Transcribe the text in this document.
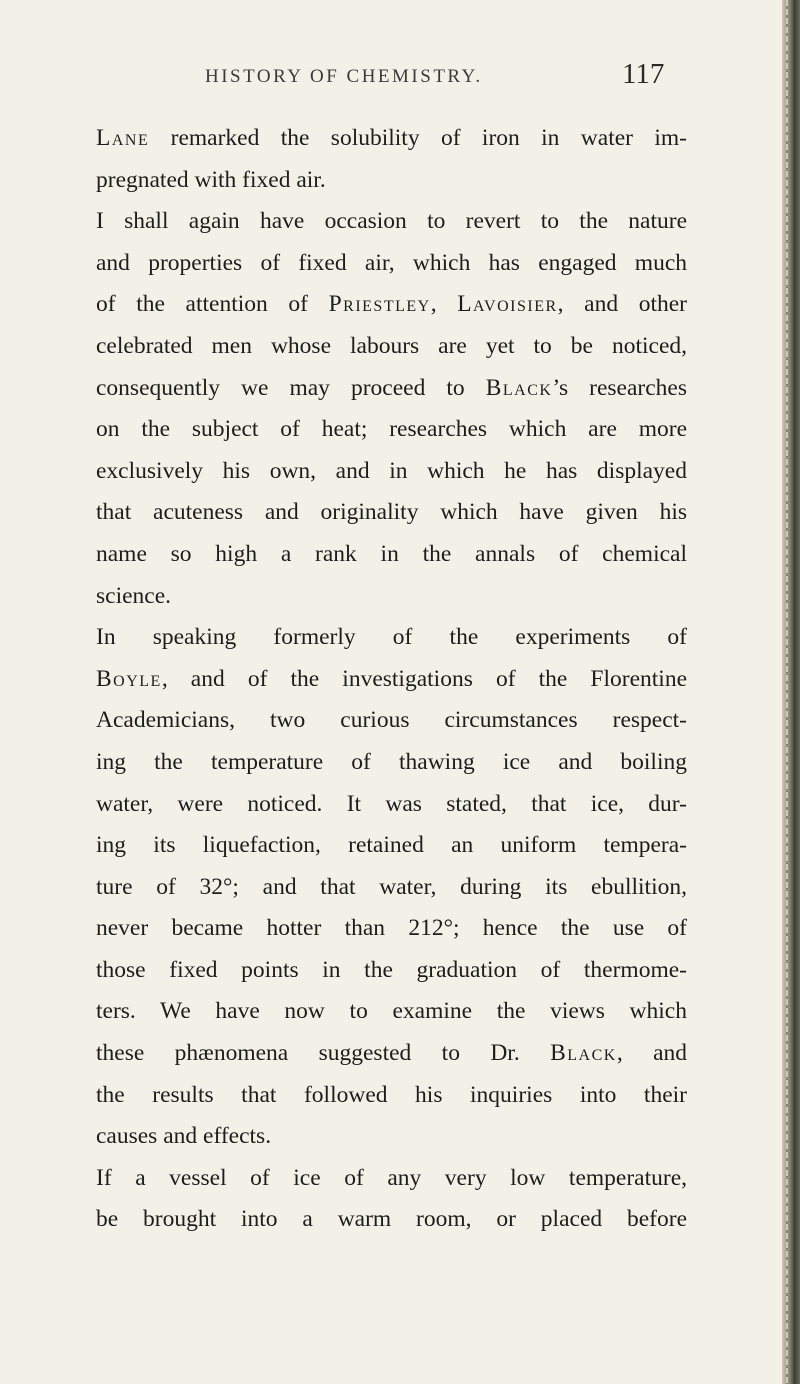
HISTORY OF CHEMISTRY.	117
Lane remarked the solubility of iron in water im-
pregnated with fixed air.
I shall again have occasion to revert to the nature
and properties of fixed air, which has engaged much
of the attention of Priestley, Lavoisier, and other
celebrated men whose labours are yet to be noticed,
consequently we may proceed to Black’s researches
on the subject of heat; researches which are more
exclusively his own, and in which he has displayed
that acuteness and originality which have given his
name so high a rank in the annals of chemical
science.
In speaking formerly of the experiments of
Boyle, and of the investigations of the Florentine
Academicians, two curious circumstances respect-
ing the temperature of thawing ice and boiling
water, were noticed. It was stated, that ice, dur-
ing its liquefaction, retained an uniform tempera-
ture of 32°; and that water, during its ebullition,
never became hotter than 212°; hence the use of
those fixed points in the graduation of thermome-
ters. We have now to examine the views which
these phænomena suggested to Dr. Black, and
the results that followed his inquiries into their
causes and effects.
If a vessel of ice of any very low temperature,
be brought into a warm room, or placed before
